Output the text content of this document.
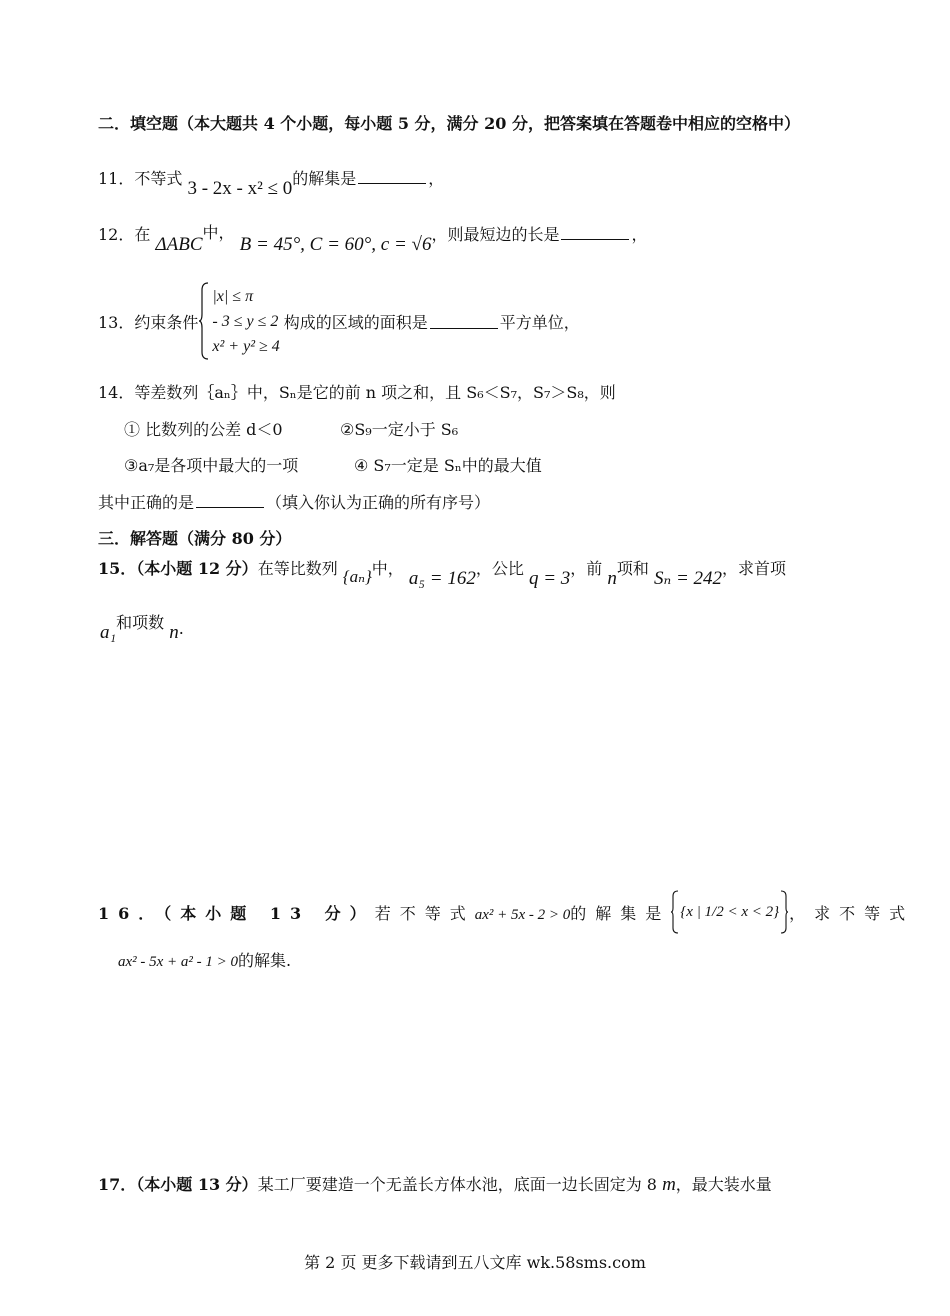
二．填空题（本大题共 4 个小题，每小题 5 分，满分 20 分，把答案填在答题卷中相应的空格中）
11．不等式 3 - 2x - x² ≤ 0的解集是	，
12．在 ΔABC中， B = 45°, C = 60°, c = √6，则最短边的长是	，
13． 约束条件
|x| ≤ π
- 3 ≤ y ≤ 2
x² + y² ≥ 4
构成的区域的面积是	平方单位，
14．等差数列｛aₙ｝中，Sₙ是它的前 n 项之和，且 S₆＜S₇，S₇＞S₈，则
① 比数列的公差 d＜0	②S₉一定小于 S₆
③a₇是各项中最大的一项	④ S₇一定是 Sₙ中的最大值
其中正确的是	（填入你认为正确的所有序号）
三．解答题（满分 80 分）
15．（本小题 12 分）在等比数列 {aₙ}中， a₅ = 162，公比 q = 3，前 n项和 Sₙ = 242，求首项
a₁和项数 n.
16．（本小题 13 分） 若不等式 ax² + 5x - 2 > 0 的解集是 {x | 1/2 < x < 2} ，求不等式
ax² - 5x + a² - 1 > 0的解集.
17．（本小题 13 分）某工厂要建造一个无盖长方体水池，底面一边长固定为 8 m，最大装水量
第 2 页 更多下载请到五八文库 wk.58sms.com
